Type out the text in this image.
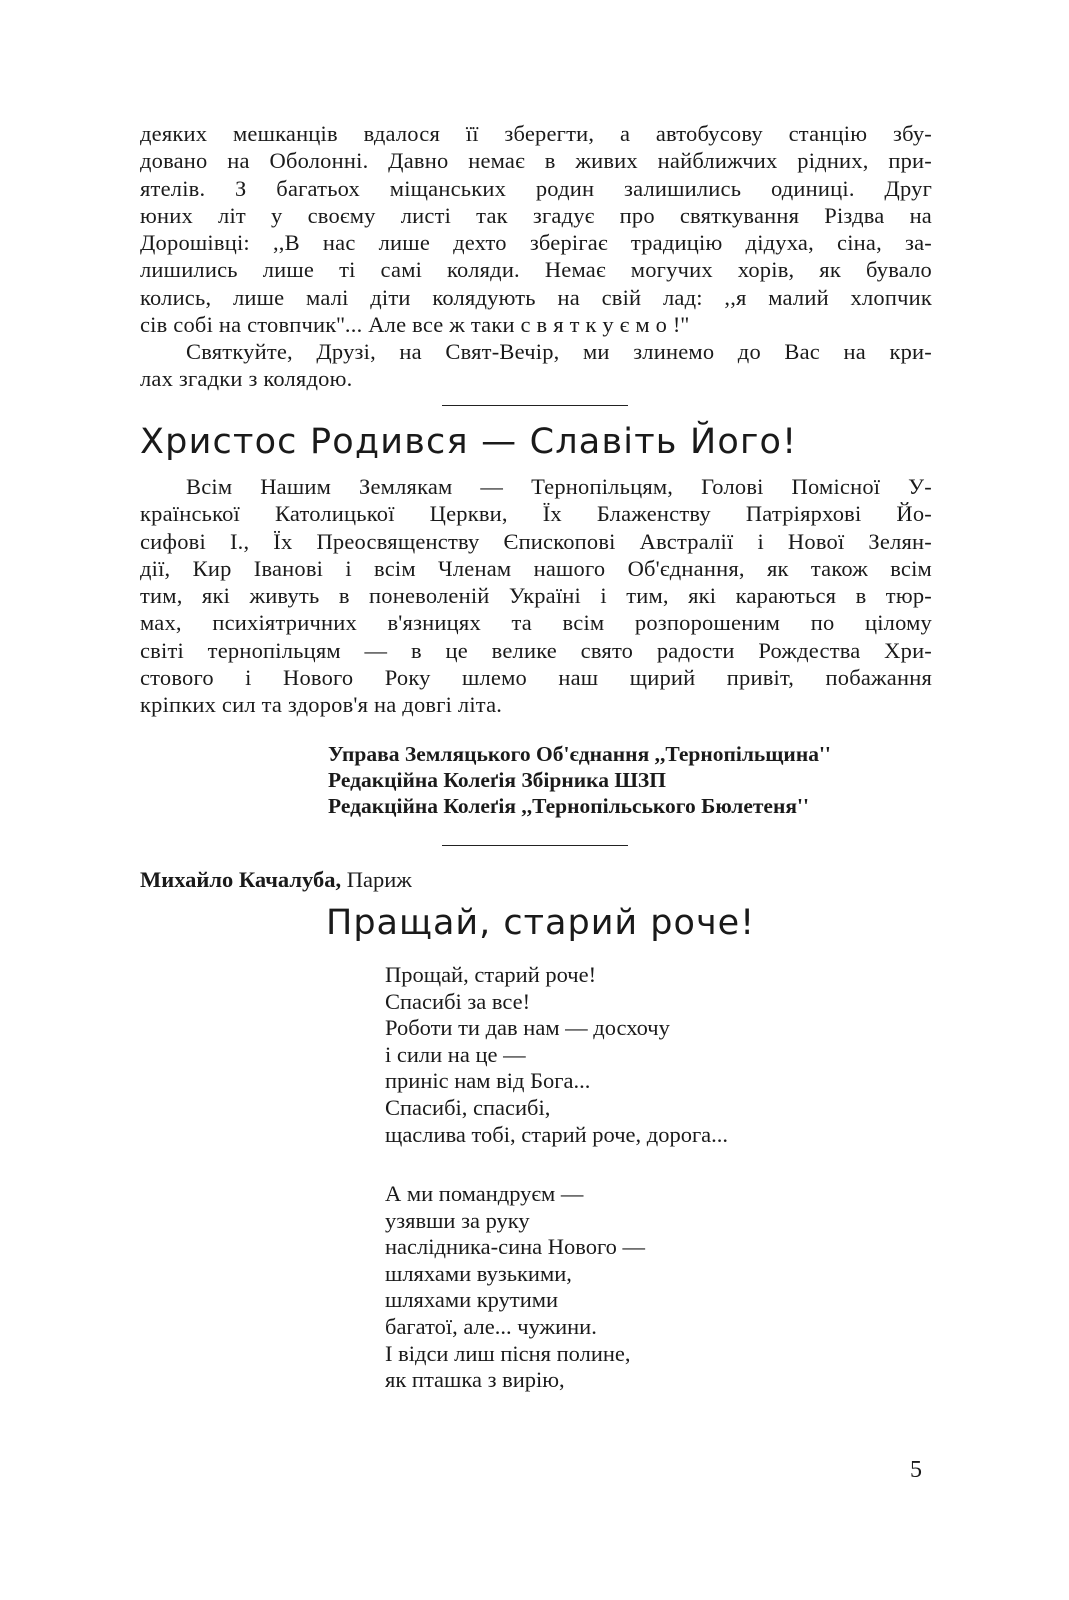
деяких мешканців вдалося її зберегти, а автобусову станцію збу-
довано на Оболонні. Давно немає в живих найближчих рідних, при-
ятелів. З багатьох міщанських родин залишились одиниці. Друг
юних літ у своєму листі так згадує про святкування Різдва на
Дорошівці: ,,В нас лише дехто зберігає традицію дідуха, сіна, за-
лишились лише ті самі коляди. Немає могучих хорів, як бувало
колись, лише малі діти колядують на свій лад: ,,я малий хлопчик
сів собі на стовпчик''... Але все ж таки с в я т к у є м о !''
Святкуйте, Друзі, на Свят-Вечір, ми злинемо до Вас на кри-
лах згадки з колядою.
Христос Родився — Славіть Його!
Всім Нашим Землякам — Тернопільцям, Голові Помісної У-
країнської Католицької Церкви, Їх Блаженству Патріярхові Йо-
сифові І., Їх Преосвященству Єпископові Австралії і Нової Зелян-
дії, Кир Іванові і всім Членам нашого Об'єднання, як також всім
тим, які живуть в поневоленій Україні і тим, які караються в тюр-
мах, психіятричних в'язницях та всім розпорошеним по цілому
світі тернопільцям — в це велике свято радости Рождества Хри-
стового і Нового Року шлемо наш щирий привіт, побажання
кріпких сил та здоров'я на довгі літа.
Управа Земляцького Об'єднання ,,Тернопільщина''
Редакційна Колеґія Збірника ШЗП
Редакційна Колеґія ,,Тернопільського Бюлетеня''
Михайло Качалуба, Париж
Пращай, старий роче!
Прощай, старий роче!
Спасибі за все!
Роботи ти дав нам — досхочу
і сили на це —
приніс нам від Бога...
Спасибі, спасибі,
щаслива тобі, старий роче, дорога...
А ми помандруєм —
узявши за руку
наслідника-сина Нового —
шляхами вузькими,
шляхами крутими
багатої, але... чужини.
І відси лиш пісня полине,
як пташка з вирію,
5
